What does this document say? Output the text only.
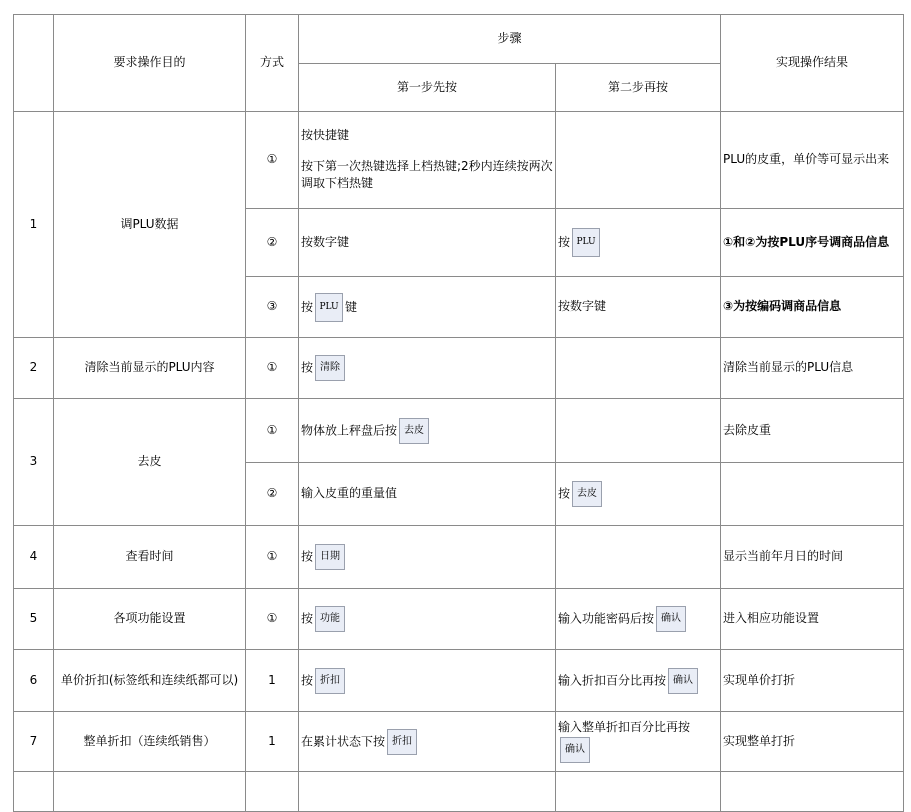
	要求操作目的	方式	步骤		实现操作结果
			第一步先按	第二步再按	
1	调PLU数据	①	按快捷键
按下第一次热键选择上档热键;2秒内连续按两次调取下档热键		PLU的皮重，单价等可显示出来

		②	按数字键	按 PLU	①和②为按PLU序号调商品信息

		③	按 PLU 键	按数字键	③为按编码调商品信息

2	清除当前显示的PLU内容	①	按 清除		清除当前显示的PLU信息

3	去皮	①	物体放上秤盘后按 去皮		去除皮重

		②	输入皮重的重量值	按 去皮	

4	查看时间	①	按 日期		显示当前年月日的时间

5	各项功能设置	①	按 功能	输入功能密码后按 确认	进入相应功能设置

6	单价折扣(标签纸和连续纸都可以)	1	按 折扣	输入折扣百分比再按 确认	实现单价打折

7	整单折扣（连续纸销售）	1	在累计状态下按 折扣	输入整单折扣百分比再按确认	实现整单打折
